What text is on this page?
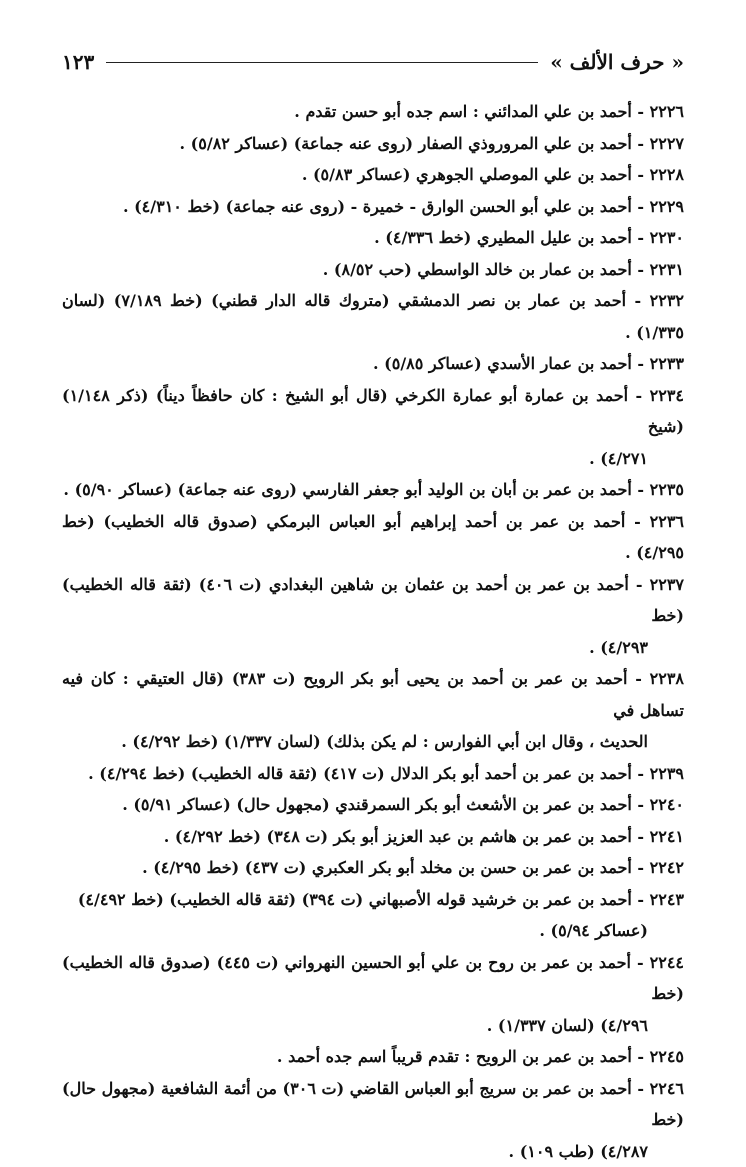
١٢٣	« حرف الألف »
٢٢٢٦ - أحمد بن علي المدائني : اسم جده أبو حسن تقدم .
٢٢٢٧ - أحمد بن علي المروروذي الصفار (روى عنه جماعة) (عساكر ٥/٨٢) .
٢٢٢٨ - أحمد بن علي الموصلي الجوهري (عساكر ٥/٨٣) .
٢٢٢٩ - أحمد بن علي أبو الحسن الوارق - خميرة - (روى عنه جماعة) (خط ٤/٣١٠) .
٢٢٣٠ - أحمد بن عليل المطيري (خط ٤/٣٣٦) .
٢٢٣١ - أحمد بن عمار بن خالد الواسطي (حب ٨/٥٢) .
٢٢٣٢ - أحمد بن عمار بن نصر الدمشقي (متروك قاله الدار قطني) (خط ٧/١٨٩) (لسان ١/٣٣٥) .
٢٢٣٣ - أحمد بن عمار الأسدي (عساكر ٥/٨٥) .
٢٢٣٤ - أحمد بن عمارة أبو عمارة الكرخي (قال أبو الشيخ : كان حافظاً ديناً) (ذكر ١/١٤٨) (شيخ
٤/٢٧١) .
٢٢٣٥ - أحمد بن عمر بن أبان بن الوليد أبو جعفر الفارسي (روى عنه جماعة) (عساكر ٥/٩٠) .
٢٢٣٦ - أحمد بن عمر بن أحمد إبراهيم أبو العباس البرمكي (صدوق قاله الخطيب) (خط ٤/٢٩٥) .
٢٢٣٧ - أحمد بن عمر بن أحمد بن عثمان بن شاهين البغدادي (ت ٤٠٦) (ثقة قاله الخطيب) (خط
٤/٢٩٣) .
٢٢٣٨ - أحمد بن عمر بن أحمد بن يحيى أبو بكر الرويح (ت ٣٨٣) (قال العتيقي : كان فيه تساهل في
الحديث ، وقال ابن أبي الفوارس : لم يكن بذلك) (لسان ١/٣٣٧) (خط ٤/٢٩٢) .
٢٢٣٩ - أحمد بن عمر بن أحمد أبو بكر الدلال (ت ٤١٧) (ثقة قاله الخطيب) (خط ٤/٢٩٤) .
٢٢٤٠ - أحمد بن عمر بن الأشعث أبو بكر السمرقندي (مجهول حال) (عساكر ٥/٩١) .
٢٢٤١ - أحمد بن عمر بن هاشم بن عبد العزيز أبو بكر (ت ٣٤٨) (خط ٤/٢٩٢) .
٢٢٤٢ - أحمد بن عمر بن حسن بن مخلد أبو بكر العكبري (ت ٤٣٧) (خط ٤/٢٩٥) .
٢٢٤٣ - أحمد بن عمر بن خرشيد قوله الأصبهاني (ت ٣٩٤) (ثقة قاله الخطيب) (خط ٤/٤٩٢)
(عساكر ٥/٩٤) .
٢٢٤٤ - أحمد بن عمر بن روح بن علي أبو الحسين النهرواني (ت ٤٤٥) (صدوق قاله الخطيب) (خط
٤/٢٩٦) (لسان ١/٣٣٧) .
٢٢٤٥ - أحمد بن عمر بن الرويح : تقدم قريباً اسم جده أحمد .
٢٢٤٦ - أحمد بن عمر بن سريج أبو العباس القاضي (ت ٣٠٦) من أئمة الشافعية (مجهول حال) (خط
٤/٢٨٧) (طب ١٠٩) .
